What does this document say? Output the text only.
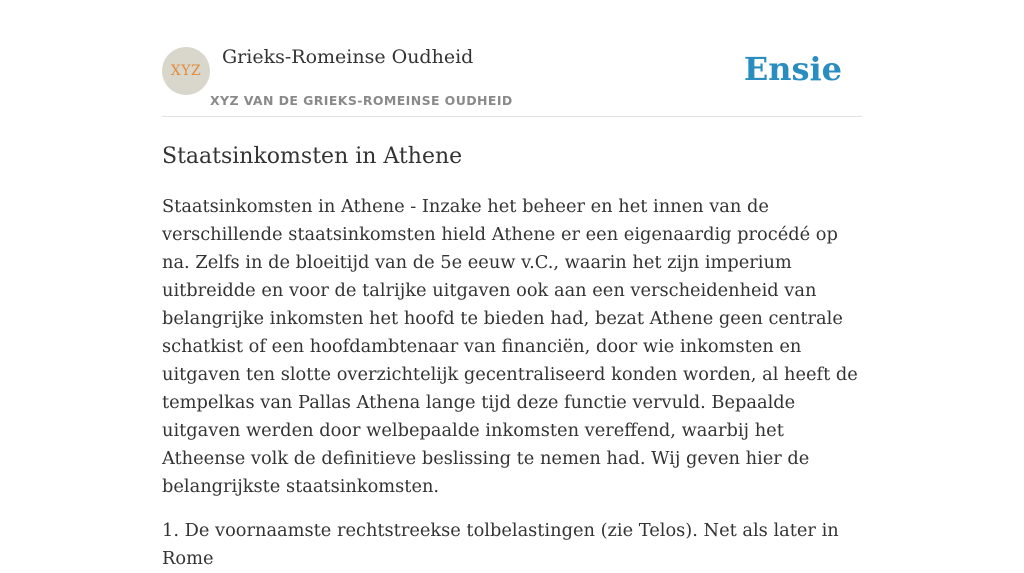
XYZ
Grieks-Romeinse Oudheid
XYZ VAN DE GRIEKS-ROMEINSE OUDHEID
Ensie
Staatsinkomsten in Athene

Staatsinkomsten in Athene - Inzake het beheer en het innen van de verschillende staatsinkomsten hield Athene er een eigenaardig procédé op na. Zelfs in de bloeitijd van de 5e eeuw v.C., waarin het zijn imperium uitbreidde en voor de talrijke uitgaven ook aan een verscheidenheid van belangrijke inkomsten het hoofd te bieden had, bezat Athene geen centrale schatkist of een hoofdambtenaar van financiën, door wie inkomsten en uitgaven ten slotte overzichtelijk gecentraliseerd konden worden, al heeft de tempelkas van Pallas Athena lange tijd deze functie vervuld. Bepaalde uitgaven werden door welbepaalde inkomsten vereffend, waarbij het Atheense volk de definitieve beslissing te nemen had. Wij geven hier de belangrijkste staatsinkomsten.

1. De voornaamste rechtstreekse tolbelastingen (zie Telos). Net als later in Rome
